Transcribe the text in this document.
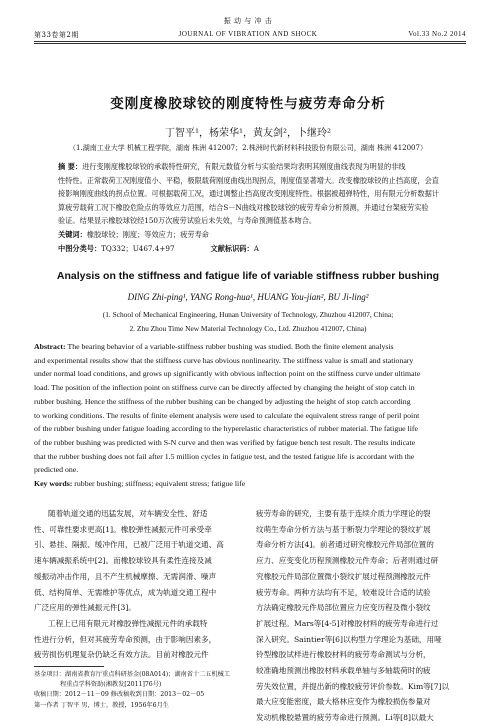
振 动 与 冲 击
第33卷第2期	JOURNAL OF VIBRATION AND SHOCK	Vol.33 No.2 2014
变刚度橡胶球铰的刚度特性与疲劳寿命分析
丁智平¹，杨荣华¹，黄友剑²，卜继玲²
（1.湖南工业大学 机械工程学院，湖南 株洲 412007；2.株洲时代新材料科技股份有限公司，湖南 株洲 412007）
摘 要：进行变刚度橡胶球铰的承载特性研究，有限元数值分析与实验结果均表明其刚度曲线表现为明显的非线
性特性。正常载荷工况刚度值小、平稳，极限载荷刚度曲线出现拐点，刚度值显著增大。改变橡胶球铰的止挡高度，会直
接影响刚度曲线的拐点位置。可根据载荷工况，通过调整止挡高度改变刚度特性。根据被超弹特性，用有限元分析数据计
算疲劳载荷工况下橡胶危险点的等效应力范围，结合S－N曲线对橡胶球铰的疲劳寿命分析预测，并通过台架疲劳实验
验证。结果显示橡胶球铰经150万次疲劳试验后未失效，与寿命预测值基本吻合。
关键词：橡胶球铰；刚度；等效应力；疲劳寿命
中图分类号：TQ332；U467.4+97	文献标识码：A
Analysis on the stiffness and fatigue life of variable stiffness rubber bushing
DING Zhi-ping¹, YANG Rong-hua¹, HUANG You-jian², BU Ji-ling²
(1. School of Mechanical Engineering, Hunan University of Technology, Zhuzhou 412007, China;
2. Zhu Zhou Time New Material Technology Co., Ltd. Zhuzhou 412007, China)
Abstract: The bearing behavior of a variable-stiffness rubber bushing was studied. Both the finite element analysis
and experimental results show that the stiffness curve has obvious nonlinearity. The stiffness value is small and stationary
under normal load conditions, and grows up significantly with obvious inflection point on the stiffness curve under ultimate
load. The position of the inflection point on stiffness curve can be directly affected by changing the height of stop catch in
rubber bushing. Hence the stiffness of the rubber bushing can be changed by adjusting the height of stop catch according
to working conditions. The results of finite element analysis were used to calculate the equivalent stress range of peril point
of the rubber bushing under fatigue loading according to the hyperelastic characteristics of rubber material. The fatigue life
of the rubber bushing was predicted with S-N curve and then was verified by fatigue bench test result. The results indicate
that the rubber bushing does not fail after 1.5 million cycles in fatigue test, and the tested fatigue life is accordant with the
predicted one.
Key words: rubber bushing; stiffness; equivalent stress; fatigue life
随着轨道交通的迅猛发展，对车辆安全性、舒适
性、可靠性要求更高[1]。橡胶弹性减振元件可承受牵
引、悬挂、隔振、缓冲作用，已被广泛用于轨道交通、高
速车辆减振系统中[2]。而橡胶球铰具有柔性连接及减
缓振动冲击作用，且不产生机械摩擦、无需润滑、噪声
低、结构简单、无需维护等优点，成为轨道交通工程中
广泛应用的弹性减振元件[3]。
工程上已用有限元对橡胶弹性减振元件的承载特
性进行分析，但对其疲劳寿命预测，由于影响因素多，
疲劳损伤机理复杂仍缺乏有效方法。目前对橡胶元件
基金项目：湖南省教育厅重点科研基金(08A014)；湖南省十二五机械工
程重点学科资助(湘教发[2011]76号)
收稿日期：2012－11－09 修改稿收到日期：2013－02－05
第一作者 丁智平 男，博士，教授，1956年6月生
疲劳寿命的研究，主要有基于连续介质力学理论的裂
纹萌生寿命分析方法与基于断裂力学理论的裂纹扩展
寿命分析方法[4]。前者通过研究橡胶元件局部位置的
应力、应变变化历程预测橡胶元件寿命；后者则通过研
究橡胶元件局部位置微小裂纹扩展过程预测橡胶元件
疲劳寿命。两种方法均有不足，较难设计合适的试验
方法确定橡胶元件局部位置应力应变历程及微小裂纹
扩展过程。Mars等[4-5]对橡胶材料的疲劳寿命进行过
深入研究。Saintier等[6]以构型力学理论为基础，用哑
铃型橡胶试样进行橡胶材料的疲劳寿命测试与分析，
较准确地预测出橡胶材料承载单轴与多轴载荷时的疲
劳失效位置，并提出新的橡胶疲劳评价参数。Kim等[7]以
最大应变能密度，最大格林应变作为橡胶损伤参量对
发动机橡胶悬置的疲劳寿命进行预测。Li等[8]以最大
